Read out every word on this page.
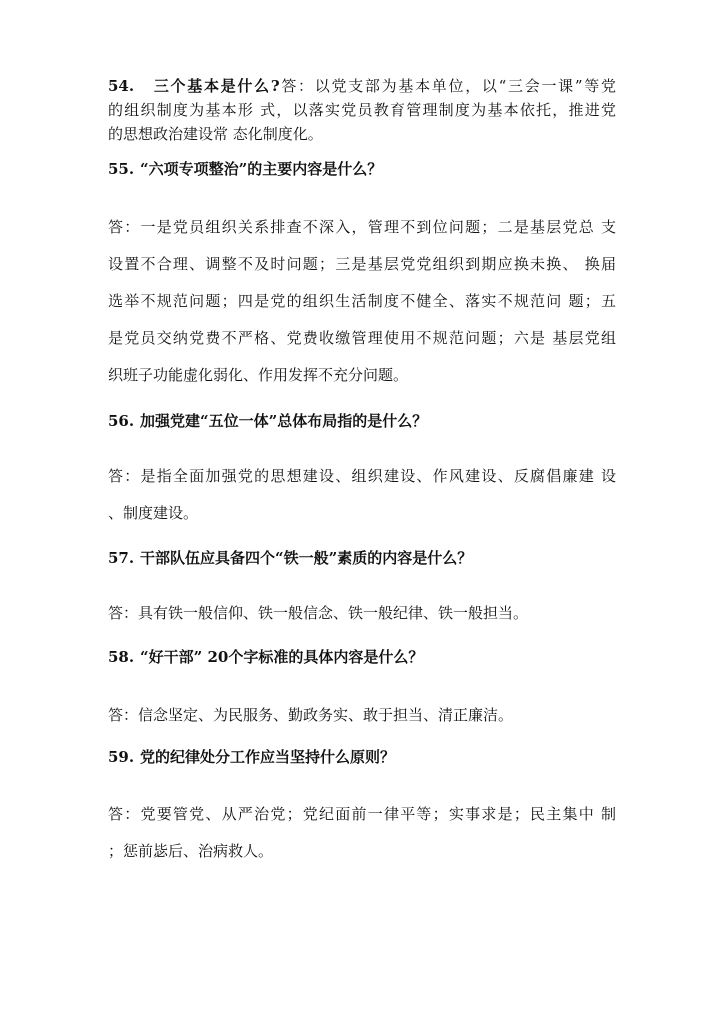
54. 三个基本是什么?答：以党支部为基本单位，以“三会一课”等党
的组织制度为基本形 式，以落实党员教育管理制度为基本依托，推进党
的思想政治建设常 态化制度化。
55. “六项专项整治”的主要内容是什么？
答：一是党员组织关系排查不深入，管理不到位问题；二是基层党总 支
设置不合理、调整不及时问题；三是基层党党组织到期应换未换、 换届
选举不规范问题；四是党的组织生活制度不健全、落实不规范问 题；五
是党员交纳党费不严格、党费收缴管理使用不规范问题；六是 基层党组
织班子功能虚化弱化、作用发挥不充分问题。
56. 加强党建“五位一体”总体布局指的是什么？
答：是指全面加强党的思想建设、组织建设、作风建设、反腐倡廉建 设
、制度建设。
57. 干部队伍应具备四个“铁一般”素质的内容是什么？
答：具有铁一般信仰、铁一般信念、铁一般纪律、铁一般担当。
58. “好干部” 20个字标准的具体内容是什么？
答：信念坚定、为民服务、勤政务实、敢于担当、清正廉洁。
59. 党的纪律处分工作应当坚持什么原则？
答：党要管党、从严治党；党纪面前一律平等；实事求是；民主集中 制
；惩前毖后、治病救人。
